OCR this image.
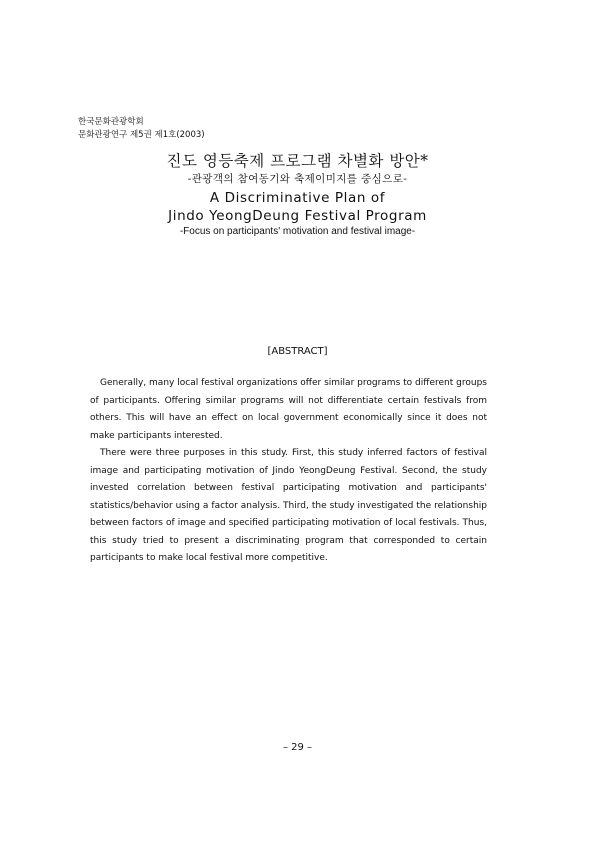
한국문화관광학회
문화관광연구 제5권 제1호(2003)
진도 영등축제 프로그램 차별화 방안*
-관광객의 참여동기와 축제이미지를 중심으로-
A Discriminative Plan of
Jindo YeongDeung Festival Program
-Focus on participants' motivation and festival image-
[ABSTRACT]

Generally, many local festival organizations offer similar programs to different groups of participants. Offering similar programs will not differentiate certain festivals from others. This will have an effect on local government economically since it does not make participants interested.

There were three purposes in this study. First, this study inferred factors of festival image and participating motivation of Jindo YeongDeung Festival. Second, the study invested correlation between festival participating motivation and participants' statistics/behavior using a factor analysis. Third, the study investigated the relationship between factors of image and specified participating motivation of local festivals. Thus, this study tried to present a discriminating program that corresponded to certain participants to make local festival more competitive.

– 29 –
